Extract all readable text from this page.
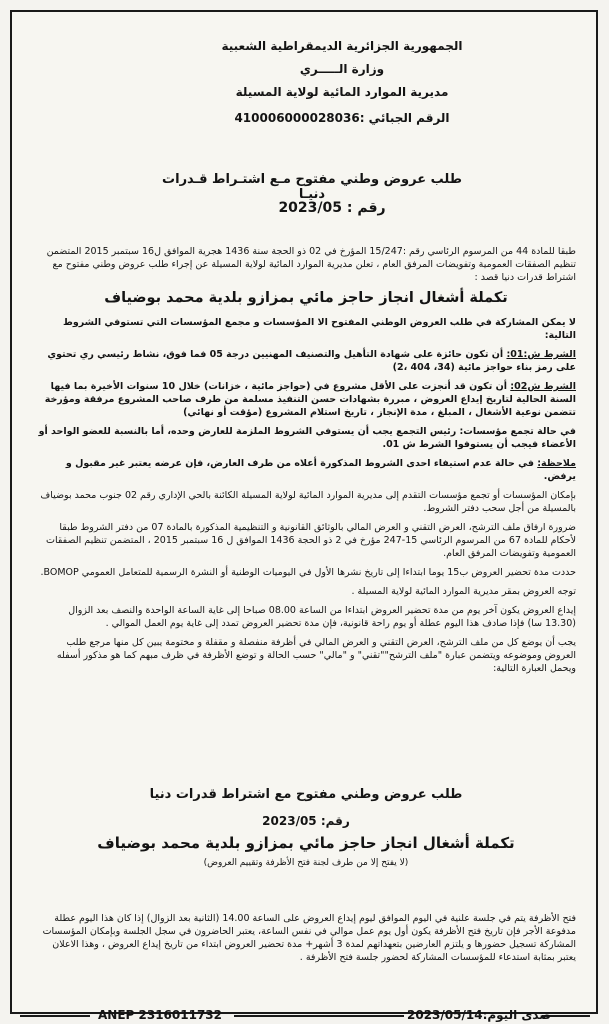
الجمهورية الجزائرية الديمقراطية الشعبية
وزارة الـــــري
مديرية الموارد المائية لولاية المسيلة
الرقم الجبائي :410006000028036
طلب عروض وطني مفتوح مـع اشتـراط قـدرات دنيـا
رقم : 2023/05

طبقا للمادة 44 من المرسوم الرئاسي رقم :15/247 المؤرخ في 02 ذو الحجة سنة 1436 هجرية الموافق ل16 سبتمبر 2015 المتضمن تنظيم الصفقات العمومية وتفويضات المرفق العام ، تعلن مديرية الموارد المائية لولاية المسيلة عن إجراء طلب عروض وطني مفتوح مع اشتراط قدرات دنيا قصد :

تكملة أشغال انجاز حاجز مائي بمزازو بلدية محمد بوضياف

لا يمكن المشاركة في طلب العروض الوطني المفتوح الا المؤسسات و مجمع المؤسسات التي تستوفي الشروط التالية:

الشرط ش:01: أن تكون حائزة على شهادة التأهيل والتصنيف المهنيين درجة 05 فما فوق، نشاط رئيسي ري تحتوي على رمز بناء حواجز مائية (34، 404 ،2)

الشرط ش02: أن تكون قد أنجزت على الأقل مشروع في (حواجز مائية ، خزانات) خلال 10 سنوات الأخيرة بما فيها السنة الحالية لتاريخ إيداع العروض ، مبررة بشهادات حسن التنفيذ مسلمة من طرف صاحب المشروع مرفقة ومؤرخة تتضمن نوعية الأشغال ، المبلغ ، مدة الإنجاز ، تاريخ استلام المشروع (مؤقت أو نهائي)

في حالة تجمع مؤسسات: رئيس التجمع يجب أن يستوفي الشروط الملزمة للعارض وحده، أما بالنسبة للعضو الواحد أو الأعضاء فيجب أن يستوفوا الشرط ش 01.

ملاحظة: في حالة عدم استيفاء احدى الشروط المذكورة أعلاه من طرف العارض، فإن عرضه يعتبر غير مقبول و يرفض.

بإمكان المؤسسات أو تجمع مؤسسات التقدم إلى مديرية الموارد المائية لولاية المسيلة الكائنة بالحي الإداري رقم 02 جنوب محمد بوضياف بالمسيلة من أجل سحب دفتر الشروط.

ضرورة ارفاق ملف الترشح، العرض التقني و العرض المالي بالوثائق القانونية و التنظيمية المذكورة بالمادة 07 من دفتر الشروط طبقا لأحكام للمادة 67 من المرسوم الرئاسي 15-247 مؤرخ في 2 ذو الحجة 1436 الموافق ل 16 سبتمبر 2015 ، المتضمن تنظيم الصفقات العمومية وتفويضات المرفق العام.

حددت مدة تحضير العروض ب15 يوما ابتداءا إلى تاريخ نشرها الأول في اليوميات الوطنية أو النشرة الرسمية للمتعامل العمومي BOMOP.

توجه العروض بمقر مديرية الموارد المائية لولاية المسيلة .

إيداع العروض يكون آخر يوم من مدة تحضير العروض ابتداءا من الساعة 08.00 صباحا إلى غاية الساعة الواحدة والنصف بعد الزوال (13.30 سا) فإذا صادف هذا اليوم عطلة أو يوم راحة قانونية، فإن مدة تحضير العروض تمدد إلى غاية يوم العمل الموالي .

يجب أن يوضع كل من ملف الترشح، العرض التقني و العرض المالي في أظرفة منفصلة و مقفلة و مختومة يبين كل منها مرجع طلب العروض وموضوعه ويتضمن عبارة "ملف الترشح""تقني" و "مالي" حسب الحالة و توضع الأظرفة في ظرف مبهم كما هو مذكور أسفله ويحمل العبارة التالية:

طلب عروض وطني مفتوح مع اشتراط قدرات دنيا
رقم: 2023/05
تكملة أشغال انجاز حاجز مائي بمزازو بلدية محمد بوضياف
(لا يفتح إلا من طرف لجنة فتح الأظرفة وتقييم العروض)

فتح الأظرفة يتم في جلسة علنية في اليوم الموافق ليوم إيداع العروض على الساعة 14.00 (الثانية بعد الزوال) إذا كان هذا اليوم عطلة مدفوعة الأجر فإن تاريخ فتح الأظرفة يكون أول يوم عمل موالي في نفس الساعة، يعتبر الحاضرون في سجل الجلسة وبإمكان المؤسسات المشاركة تسجيل حضورها و يلتزم العارضين بتعهداتهم لمدة 3 أشهر+ مدة تحضير العروض ابتداء من تاريخ إيداع العروض ، وهذا الاعلان يعتبر بمثابة استدعاء للمؤسسات المشاركة لحضور جلسة فتح الأظرفة .

ANEP 2316011732	صدى اليوم:2023/05/14
